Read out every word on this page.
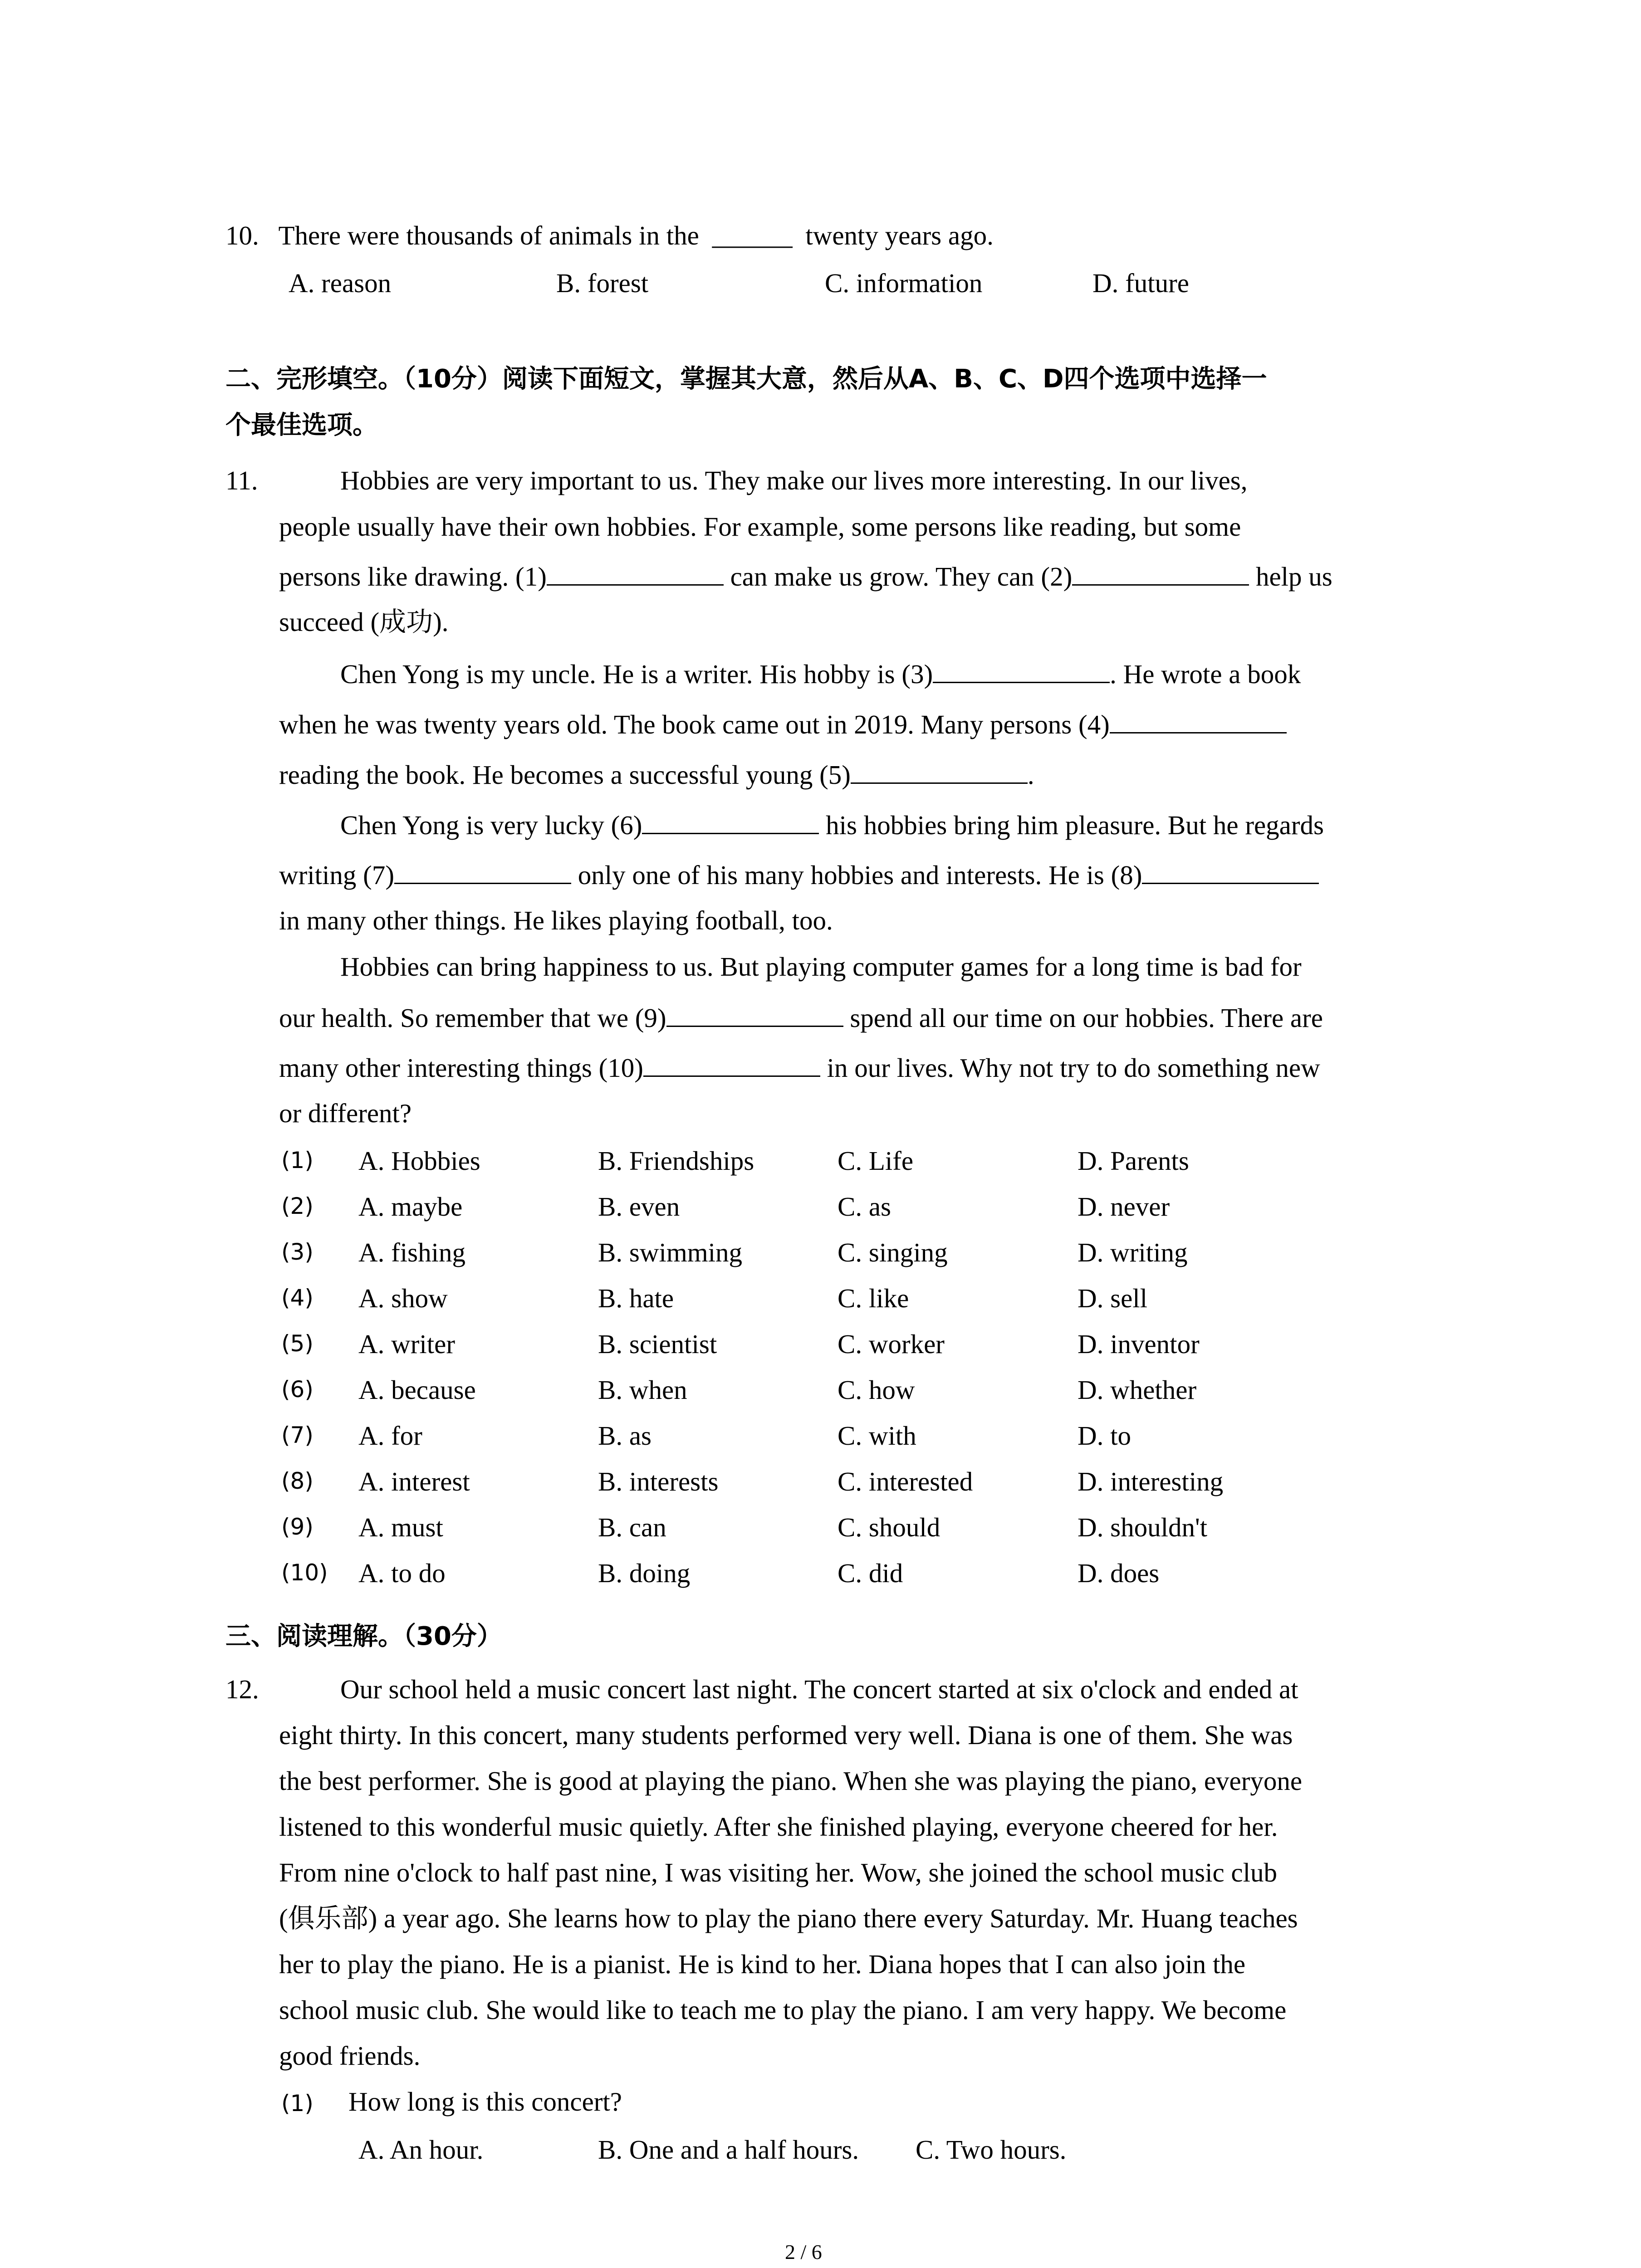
10. There were thousands of animals in the ______ twenty years ago.
A. reason	B. forest	C. information	D. future
二、完形填空。（10分）阅读下面短文，掌握其大意，然后从A、B、C、D四个选项中选择一
个最佳选项。
11.	Hobbies are very important to us. They make our lives more interesting. In our lives,
people usually have their own hobbies. For example, some persons like reading, but some
persons like drawing. (1)	can make us grow. They can (2)	help us
succeed (成功).
Chen Yong is my uncle. He is a writer. His hobby is (3)	. He wrote a book
when he was twenty years old. The book came out in 2019. Many persons (4)
reading the book. He becomes a successful young (5)	.
Chen Yong is very lucky (6)	his hobbies bring him pleasure. But he regards
writing (7)	only one of his many hobbies and interests. He is (8)
in many other things. He likes playing football, too.
Hobbies can bring happiness to us. But playing computer games for a long time is bad for
our health. So remember that we (9)	spend all our time on our hobbies. There are
many other interesting things (10)	in our lives. Why not try to do something new
or different?
(1) A. Hobbies	B. Friendships	C. Life	D. Parents
(2) A. maybe	B. even	C. as	D. never
(3) A. fishing	B. swimming	C. singing	D. writing
(4) A. show	B. hate	C. like	D. sell
(5) A. writer	B. scientist	C. worker	D. inventor
(6) A. because	B. when	C. how	D. whether
(7) A. for	B. as	C. with	D. to
(8) A. interest	B. interests	C. interested	D. interesting
(9) A. must	B. can	C. should	D. shouldn't
(10) A. to do	B. doing	C. did	D. does
三、阅读理解。（30分）
12.	Our school held a music concert last night. The concert started at six o'clock and ended at
eight thirty. In this concert, many students performed very well. Diana is one of them. She was
the best performer. She is good at playing the piano. When she was playing the piano, everyone
listened to this wonderful music quietly. After she finished playing, everyone cheered for her.
From nine o'clock to half past nine, I was visiting her. Wow, she joined the school music club
(俱乐部) a year ago. She learns how to play the piano there every Saturday. Mr. Huang teaches
her to play the piano. He is a pianist. He is kind to her. Diana hopes that I can also join the
school music club. She would like to teach me to play the piano. I am very happy. We become
good friends.
(1) How long is this concert?
A. An hour.	B. One and a half hours. C. Two hours.
2 / 6
